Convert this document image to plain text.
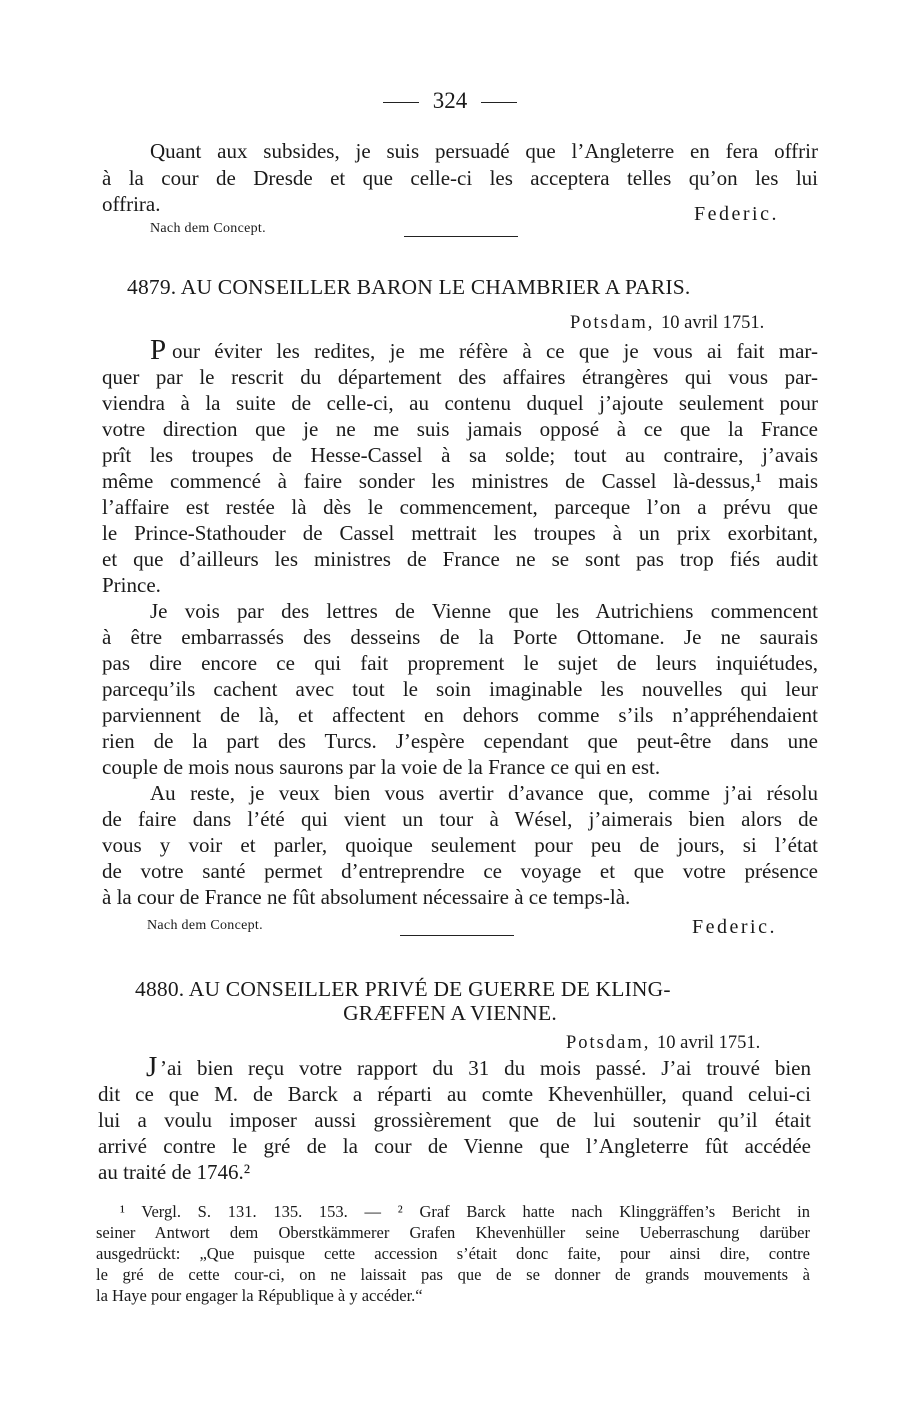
324
Quant aux subsides, je suis persuadé que l’Angleterre en fera offrir
à la cour de Dresde et que celle-ci les acceptera telles qu’on les lui
offrira.	Federic.
Nach dem Concept.
4879. AU CONSEILLER BARON LE CHAMBRIER A PARIS.
Potsdam, 10 avril 1751.
P our éviter les redites, je me réfère à ce que je vous ai fait mar-
quer par le rescrit du département des affaires étrangères qui vous par-
viendra à la suite de celle-ci, au contenu duquel j’ajoute seulement pour
votre direction que je ne me suis jamais opposé à ce que la France
prît les troupes de Hesse-Cassel à sa solde; tout au contraire, j’avais
même commencé à faire sonder les ministres de Cassel là-dessus,¹ mais
l’affaire est restée là dès le commencement, parceque l’on a prévu que
le Prince-Stathouder de Cassel mettrait les troupes à un prix exorbitant,
et que d’ailleurs les ministres de France ne se sont pas trop fiés audit
Prince.
Je vois par des lettres de Vienne que les Autrichiens commencent
à être embarrassés des desseins de la Porte Ottomane. Je ne saurais
pas dire encore ce qui fait proprement le sujet de leurs inquiétudes,
parcequ’ils cachent avec tout le soin imaginable les nouvelles qui leur
parviennent de là, et affectent en dehors comme s’ils n’appréhendaient
rien de la part des Turcs. J’espère cependant que peut-être dans une
couple de mois nous saurons par la voie de la France ce qui en est.
Au reste, je veux bien vous avertir d’avance que, comme j’ai résolu
de faire dans l’été qui vient un tour à Wésel, j’aimerais bien alors de
vous y voir et parler, quoique seulement pour peu de jours, si l’état
de votre santé permet d’entreprendre ce voyage et que votre présence
à la cour de France ne fût absolument nécessaire à ce temps-là.
Nach dem Concept.	Federic.
4880. AU CONSEILLER PRIVÉ DE GUERRE DE KLING-
GRÆFFEN A VIENNE.
Potsdam, 10 avril 1751.
J ’ai bien reçu votre rapport du 31 du mois passé. J’ai trouvé bien
dit ce que M. de Barck a réparti au comte Khevenhüller, quand celui-ci
lui a voulu imposer aussi grossièrement que de lui soutenir qu’il était
arrivé contre le gré de la cour de Vienne que l’Angleterre fût accédée
au traité de 1746.²
¹ Vergl. S. 131. 135. 153. — ² Graf Barck hatte nach Klinggräffen’s Bericht in
seiner Antwort dem Oberstkämmerer Grafen Khevenhüller seine Ueberraschung darüber
ausgedrückt: „Que puisque cette accession s’était donc faite, pour ainsi dire, contre
le gré de cette cour-ci, on ne laissait pas que de se donner de grands mouvements à
la Haye pour engager la République à y accéder.“
